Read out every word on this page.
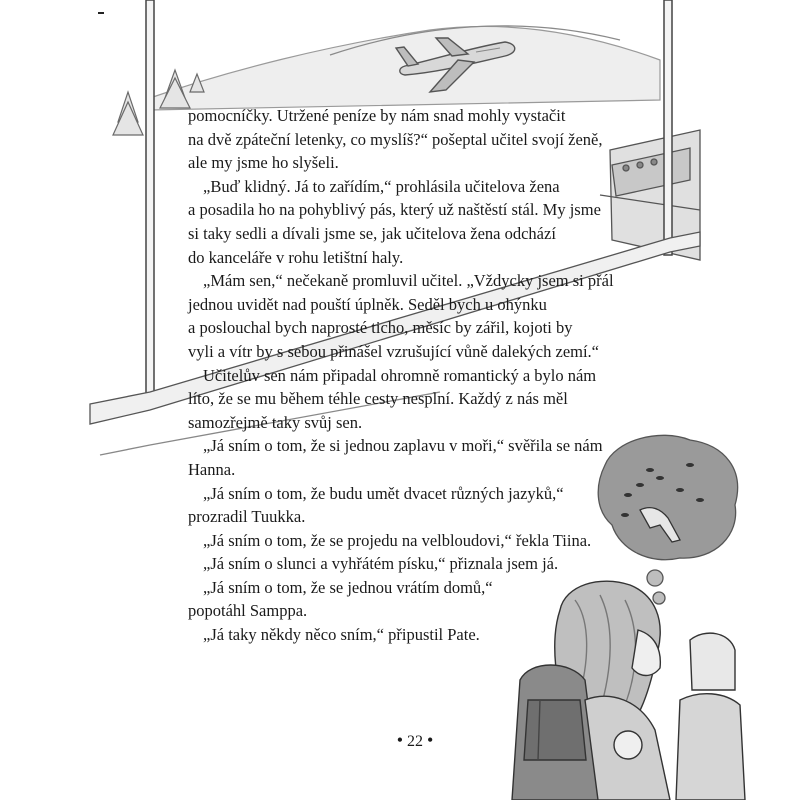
pomocníčky. Utržené peníze by nám snad mohly vystačit
na dvě zpáteční letenky, co myslíš?“ pošeptal učitel svojí ženě,
ale my jsme ho slyšeli.
„Buď klidný. Já to zařídím,“ prohlásila učitelova žena
a posadila ho na pohyblivý pás, který už naštěstí stál. My jsme
si taky sedli a dívali jsme se, jak učitelova žena odchází
do kanceláře v rohu letištní haly.
„Mám sen,“ nečekaně promluvil učitel. „Vždycky jsem si přál
jednou uvidět nad pouští úplněk. Seděl bych u ohýnku
a poslouchal bych naprosté ticho, měsíc by zářil, kojoti by
vyli a vítr by s sebou přinášel vzrušující vůně dalekých zemí.“
Učitelův sen nám připadal ohromně romantický a bylo nám
líto, že se mu během téhle cesty nesplní. Každý z nás měl
samozřejmě taky svůj sen.
„Já sním o tom, že si jednou zaplavu v moři,“ svěřila se nám
Hanna.
„Já sním o tom, že budu umět dvacet různých jazyků,“
prozradil Tuukka.
„Já sním o tom, že se projedu na velbloudovi,“ řekla Tiina.
„Já sním o slunci a vyhřátém písku,“ přiznala jsem já.
„Já sním o tom, že se jednou vrátím domů,“
popotáhl Samppa.
„Já taky někdy něco sním,“ připustil Pate.
• 22 •
